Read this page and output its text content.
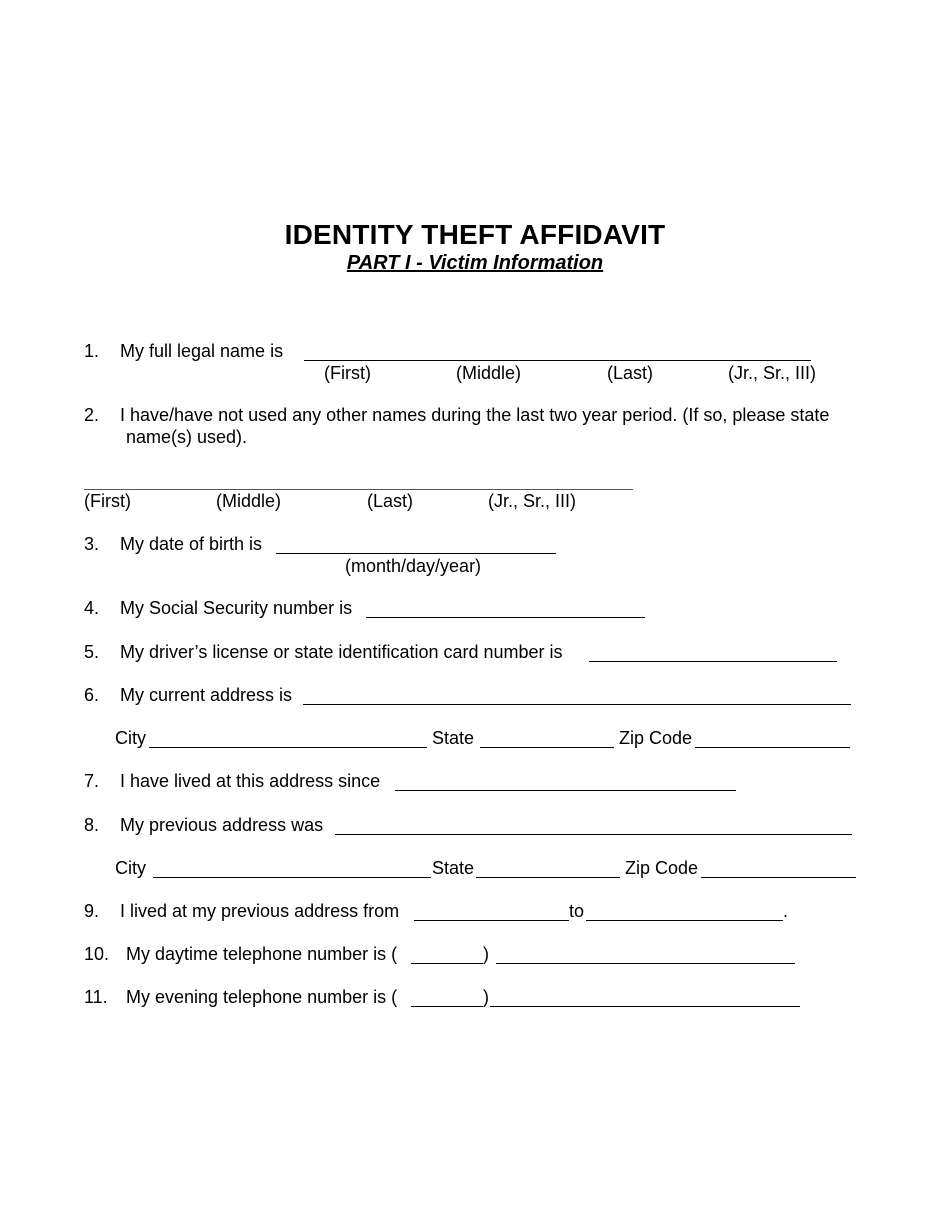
IDENTITY THEFT AFFIDAVIT
PART I - Victim Information
1. My full legal name is
(First)	(Middle)	(Last)	(Jr., Sr., III)
2. I have/have not used any other names during the last two year period. (If so, please state
name(s) used).
(First)	(Middle)	(Last)	(Jr., Sr., III)
3. My date of birth is
(month/day/year)
4. My Social Security number is
5. My driver’s license or state identification card number is
6. My current address is
City	State	Zip Code
7. I have lived at this address since
8. My previous address was
City	State	Zip Code
9. I lived at my previous address from	to	.
10. My daytime telephone number is (	)
11. My evening telephone number is (	)
